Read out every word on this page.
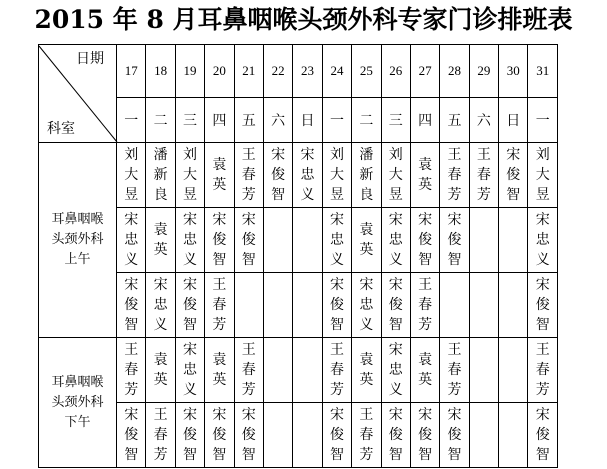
2015 年 8 月耳鼻咽喉头颈外科专家门诊排班表
日期
科室	17	18	19	20	21	22	23	24	25	26	27	28	29	30	31
	一	二	三	四	五	六	日	一	二	三	四	五	六	日	一

耳鼻咽喉
头颈外科
上午	刘大昱	潘新良	刘大昱	袁　英	王春芳	宋俊智	宋忠义	刘大昱	潘新良	刘大昱	袁　英	王春芳	王春芳	宋俊智	刘大昱
	宋忠义	袁　英	宋忠义	宋俊智	宋俊智			宋忠义	袁英	宋忠义	宋俊智	宋俊智			宋忠义
	宋俊智	宋忠义	宋俊智	王春芳				宋俊智	宋忠义	宋俊智	王春芳				宋俊智

耳鼻咽喉
头颈外科
下午	王春芳	袁　英	宋忠义	袁　英	王春芳			王春芳	袁　英	宋忠义	袁　英	王春芳			王春芳
	宋俊智	王春芳	宋俊智	宋俊智	宋俊智			宋俊智	王春芳	宋俊智	宋俊智	宋俊智			宋俊智
